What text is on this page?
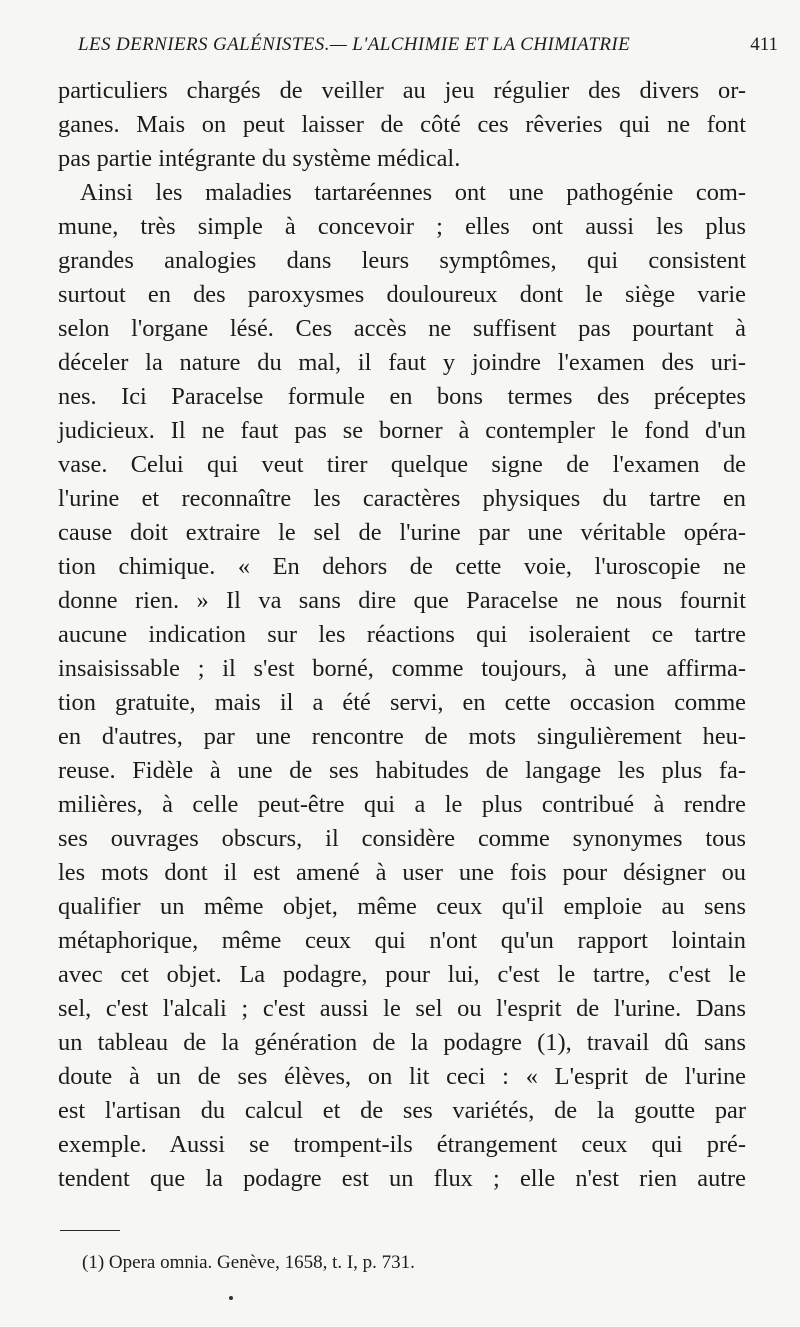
LES DERNIERS GALÉNISTES.— L'ALCHIMIE ET LA CHIMIATRIE	411
particuliers chargés de veiller au jeu régulier des divers or-
ganes. Mais on peut laisser de côté ces rêveries qui ne font
pas partie intégrante du système médical.
Ainsi les maladies tartaréennes ont une pathogénie com-
mune, très simple à concevoir ; elles ont aussi les plus
grandes analogies dans leurs symptômes, qui consistent
surtout en des paroxysmes douloureux dont le siège varie
selon l'organe lésé. Ces accès ne suffisent pas pourtant à
déceler la nature du mal, il faut y joindre l'examen des uri-
nes. Ici Paracelse formule en bons termes des préceptes
judicieux. Il ne faut pas se borner à contempler le fond d'un
vase. Celui qui veut tirer quelque signe de l'examen de
l'urine et reconnaître les caractères physiques du tartre en
cause doit extraire le sel de l'urine par une véritable opéra-
tion chimique. « En dehors de cette voie, l'uroscopie ne
donne rien. » Il va sans dire que Paracelse ne nous fournit
aucune indication sur les réactions qui isoleraient ce tartre
insaisissable ; il s'est borné, comme toujours, à une affirma-
tion gratuite, mais il a été servi, en cette occasion comme
en d'autres, par une rencontre de mots singulièrement heu-
reuse. Fidèle à une de ses habitudes de langage les plus fa-
milières, à celle peut-être qui a le plus contribué à rendre
ses ouvrages obscurs, il considère comme synonymes tous
les mots dont il est amené à user une fois pour désigner ou
qualifier un même objet, même ceux qu'il emploie au sens
métaphorique, même ceux qui n'ont qu'un rapport lointain
avec cet objet. La podagre, pour lui, c'est le tartre, c'est le
sel, c'est l'alcali ; c'est aussi le sel ou l'esprit de l'urine. Dans
un tableau de la génération de la podagre (1), travail dû sans
doute à un de ses élèves, on lit ceci : « L'esprit de l'urine
est l'artisan du calcul et de ses variétés, de la goutte par
exemple. Aussi se trompent-ils étrangement ceux qui pré-
tendent que la podagre est un flux ; elle n'est rien autre
(1) Opera omnia. Genève, 1658, t. I, p. 731.
